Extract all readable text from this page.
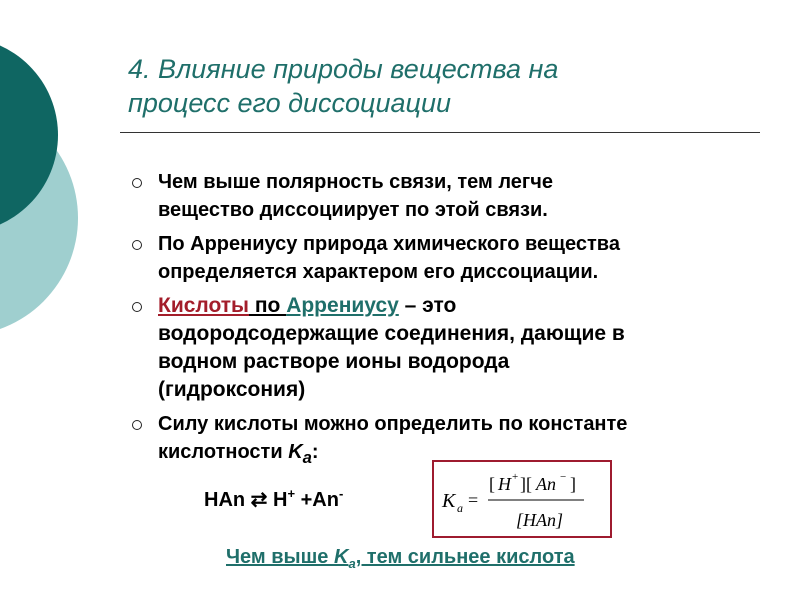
4. Влияние природы вещества на
процесс его диссоциации
Чем выше полярность связи, тем легче
вещество диссоциирует по этой связи.
По Аррениусу природа химического вещества
определяется характером его диссоциации.
Кислоты по Аррениусу – это
водородсодержащие соединения, дающие в
водном растворе ионы водорода
(гидроксония)
Силу кислоты можно определить по константе
кислотности $K_a$:
HAn ⇄ H+ +An-	K a =
[ H + ][ An − ]
[HAn]
Чем выше $K_a$, тем сильнее кислота
